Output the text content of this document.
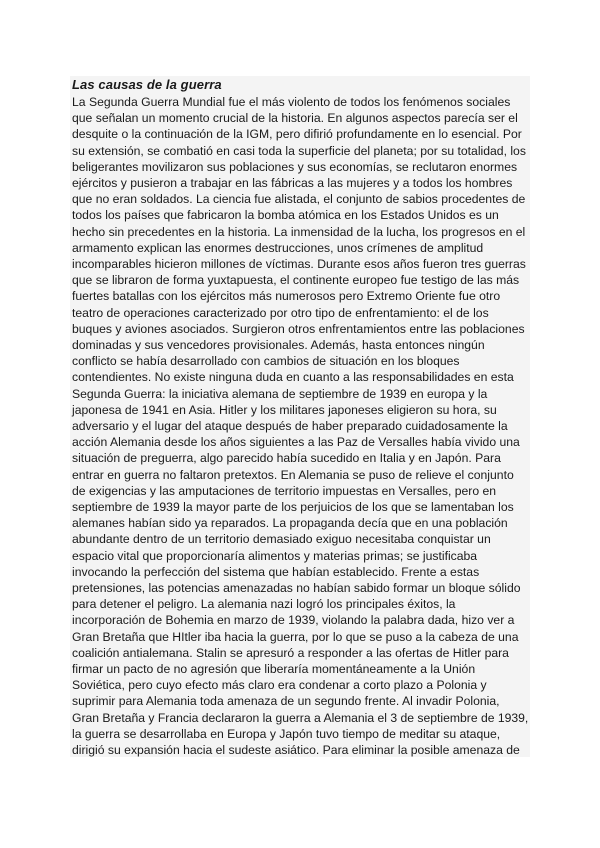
Las causas de la guerra
La Segunda Guerra Mundial fue el más violento de todos los fenómenos sociales
que señalan un momento crucial de la historia. En algunos aspectos parecía ser el
desquite o la continuación de la IGM, pero difirió profundamente en lo esencial. Por
su extensión, se combatió en casi toda la superficie del planeta; por su totalidad, los
beligerantes movilizaron sus poblaciones y sus economías, se reclutaron enormes
ejércitos y pusieron a trabajar en las fábricas a las mujeres y a todos los hombres
que no eran soldados. La ciencia fue alistada, el conjunto de sabios procedentes de
todos los países que fabricaron la bomba atómica en los Estados Unidos es un
hecho sin precedentes en la historia. La inmensidad de la lucha, los progresos en el
armamento explican las enormes destrucciones, unos crímenes de amplitud
incomparables hicieron millones de víctimas. Durante esos años fueron tres guerras
que se libraron de forma yuxtapuesta, el continente europeo fue testigo de las más
fuertes batallas con los ejércitos más numerosos pero Extremo Oriente fue otro
teatro de operaciones caracterizado por otro tipo de enfrentamiento: el de los
buques y aviones asociados. Surgieron otros enfrentamientos entre las poblaciones
dominadas y sus vencedores provisionales. Además, hasta entonces ningún
conflicto se había desarrollado con cambios de situación en los bloques
contendientes. No existe ninguna duda en cuanto a las responsabilidades en esta
Segunda Guerra: la iniciativa alemana de septiembre de 1939 en europa y la
japonesa de 1941 en Asia. Hitler y los militares japoneses eligieron su hora, su
adversario y el lugar del ataque después de haber preparado cuidadosamente la
acción Alemania desde los años siguientes a las Paz de Versalles había vivido una
situación de preguerra, algo parecido había sucedido en Italia y en Japón. Para
entrar en guerra no faltaron pretextos. En Alemania se puso de relieve el conjunto
de exigencias y las amputaciones de territorio impuestas en Versalles, pero en
septiembre de 1939 la mayor parte de los perjuicios de los que se lamentaban los
alemanes habían sido ya reparados. La propaganda decía que en una población
abundante dentro de un territorio demasiado exiguo necesitaba conquistar un
espacio vital que proporcionaría alimentos y materias primas; se justificaba
invocando la perfección del sistema que habían establecido. Frente a estas
pretensiones, las potencias amenazadas no habían sabido formar un bloque sólido
para detener el peligro. La alemania nazi logró los principales éxitos, la
incorporación de Bohemia en marzo de 1939, violando la palabra dada, hizo ver a
Gran Bretaña que HItler iba hacia la guerra, por lo que se puso a la cabeza de una
coalición antialemana. Stalin se apresuró a responder a las ofertas de Hitler para
firmar un pacto de no agresión que liberaría momentáneamente a la Unión
Soviética, pero cuyo efecto más claro era condenar a corto plazo a Polonia y
suprimir para Alemania toda amenaza de un segundo frente. Al invadir Polonia,
Gran Bretaña y Francia declararon la guerra a Alemania el 3 de septiembre de 1939,
la guerra se desarrollaba en Europa y Japón tuvo tiempo de meditar su ataque,
dirigió su expansión hacia el sudeste asiático. Para eliminar la posible amenaza de
